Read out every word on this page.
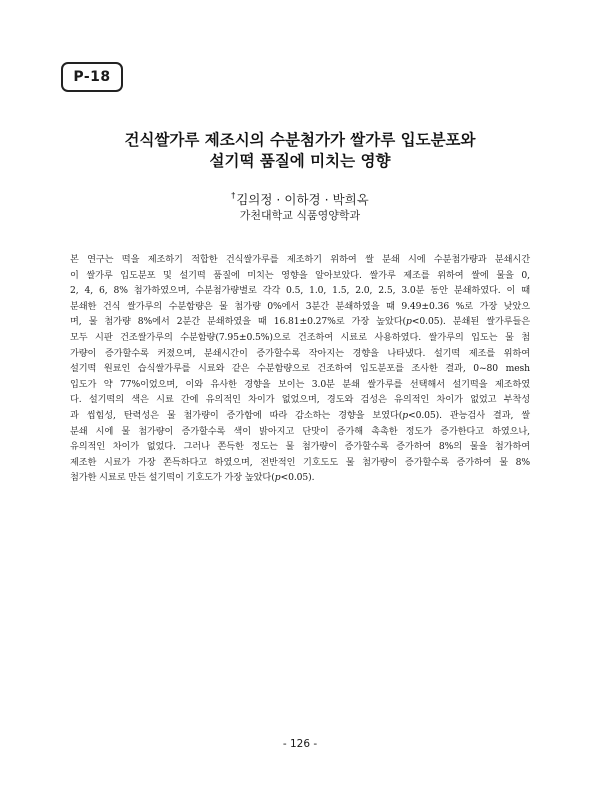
P-18
건식쌀가루 제조시의 수분첨가가 쌀가루 입도분포와
설기떡 품질에 미치는 영향
†김의정 · 이하경 · 박희옥
가천대학교 식품영양학과
본 연구는 떡을 제조하기 적합한 건식쌀가루를 제조하기 위하여 쌀 분쇄 시에 수분첨가량과 분쇄시간
이 쌀가루 입도분포 및 설기떡 품질에 미치는 영향을 알아보았다. 쌀가루 제조를 위하여 쌀에 물을 0,
2, 4, 6, 8% 첨가하였으며, 수분첨가량별로 각각 0.5, 1.0, 1.5, 2.0, 2.5, 3.0분 동안 분쇄하였다. 이 때
분쇄한 건식 쌀가루의 수분함량은 물 첨가량 0%에서 3분간 분쇄하였을 때 9.49±0.36 %로 가장 낮았으
며, 물 첨가량 8%에서 2분간 분쇄하였을 때 16.81±0.27%로 가장 높았다(p<0.05). 분쇄된 쌀가루들은
모두 시판 건조쌀가루의 수분함량(7.95±0.5%)으로 건조하여 시료로 사용하였다. 쌀가루의 입도는 물 첨
가량이 증가할수록 커졌으며, 분쇄시간이 증가할수록 작아지는 경향을 나타냈다. 설기떡 제조를 위하여
설기떡 원료인 습식쌀가루를 시료와 같은 수분함량으로 건조하여 입도분포를 조사한 결과, 0~80 mesh
입도가 약 77%이었으며, 이와 유사한 경향을 보이는 3.0분 분쇄 쌀가루를 선택해서 설기떡을 제조하였
다. 설기떡의 색은 시료 간에 유의적인 차이가 없었으며, 경도와 검성은 유의적인 차이가 없었고 부착성
과 씹힘성, 탄력성은 물 첨가량이 증가함에 따라 감소하는 경향을 보였다(p<0.05). 관능검사 결과, 쌀
분쇄 시에 물 첨가량이 증가할수록 색이 밝아지고 단맛이 증가해 촉촉한 정도가 증가한다고 하였으나,
유의적인 차이가 없었다. 그러나 쫀득한 정도는 물 첨가량이 증가할수록 증가하여 8%의 물을 첨가하여
제조한 시료가 가장 쫀득하다고 하였으며, 전반적인 기호도도 물 첨가량이 증가할수록 증가하여 물 8%
첨가한 시료로 만든 설기떡이 기호도가 가장 높았다(p<0.05).
- 126 -
